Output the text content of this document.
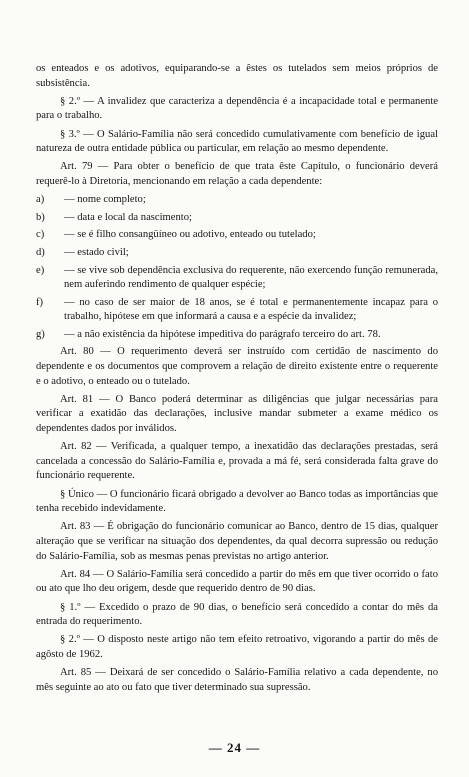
os enteados e os adotivos, equiparando-se a êstes os tutelados sem meios próprios de subsistência.

§ 2.º — A invalidez que caracteriza a dependência é a incapacidade total e permanente para o trabalho.

§ 3.º — O Salário-Família não será concedido cumulativamente com benefício de igual natureza de outra entidade pública ou particular, em relação ao mesmo dependente.

Art. 79 — Para obter o benefício de que trata êste Capítulo, o funcionário deverá requerê-lo à Diretoria, mencionando em relação a cada dependente:

a)	— nome completo;
b)	— data e local da nascimento;
c)	— se é filho consangüíneo ou adotivo, enteado ou tutelado;
d)	— estado civil;
e)	— se vive sob dependência exclusiva do requerente, não exercendo função remunerada, nem auferindo rendimento de qualquer espécie;
f)	— no caso de ser maior de 18 anos, se é total e permanentemente incapaz para o trabalho, hipótese em que informará a causa e a espécie da invalidez;
g)	— a não existência da hipótese impeditiva do parágrafo terceiro do art. 78.

Art. 80 — O requerimento deverá ser instruído com certidão de nascimento do dependente e os documentos que comprovem a relação de direito existente entre o requerente e o adotivo, o enteado ou o tutelado.

Art. 81 — O Banco poderá determinar as diligências que julgar necessárias para verificar a exatidão das declarações, inclusive mandar submeter a exame médico os dependentes dados por inválidos.

Art. 82 — Verificada, a qualquer tempo, a inexatidão das declarações prestadas, será cancelada a concessão do Salário-Família e, provada a má fé, será considerada falta grave do funcionário requerente.

§ Único — O funcionário ficará obrigado a devolver ao Banco todas as importâncias que tenha recebido indevidamente.

Art. 83 — É obrigação do funcionário comunicar ao Banco, dentro de 15 dias, qualquer alteração que se verificar na situação dos dependentes, da qual decorra supressão ou redução do Salário-Família, sob as mesmas penas previstas no artigo anterior.

Art. 84 — O Salário-Família será concedido a partir do mês em que tiver ocorrido o fato ou ato que lho deu origem, desde que requerido dentro de 90 dias.

§ 1.º — Excedido o prazo de 90 dias, o benefício será concedido a contar do mês da entrada do requerimento.

§ 2.º — O disposto neste artigo não tem efeito retroativo, vigorando a partir do mês de agôsto de 1962.

Art. 85 — Deixará de ser concedido o Salário-Família relativo a cada dependente, no mês seguinte ao ato ou fato que tiver determinado sua supressão.

— 24 —
